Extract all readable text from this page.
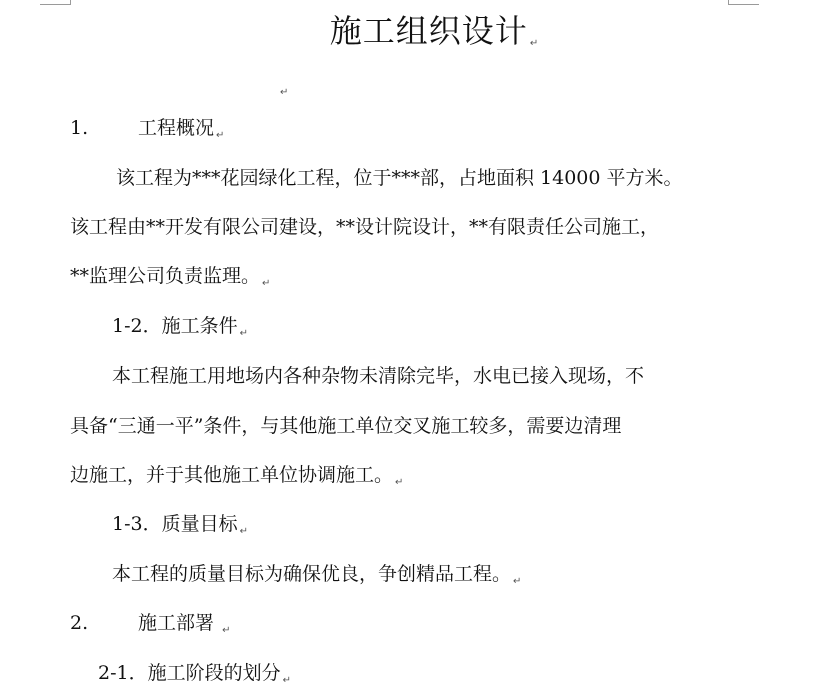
施工组织设计 ↵
$_↵$
1.	工程概况 $_↵$
该工程为***花园绿化工程，位于***部，占地面积 14000 平方米。
该工程由**开发有限公司建设，**设计院设计，**有限责任公司施工，
**监理公司负责监理。 $_↵$
1-2．施工条件 $_↵$
本工程施工用地场内各种杂物未清除完毕，水电已接入现场，不
具备“三通一平”条件，与其他施工单位交叉施工较多，需要边清理
边施工，并于其他施工单位协调施工。 $_↵$
1-3．质量目标 $_↵$
本工程的质量目标为确保优良，争创精品工程。 $_↵$
2.	施工部署 $_↵$
2-1．施工阶段的划分 $_↵$
